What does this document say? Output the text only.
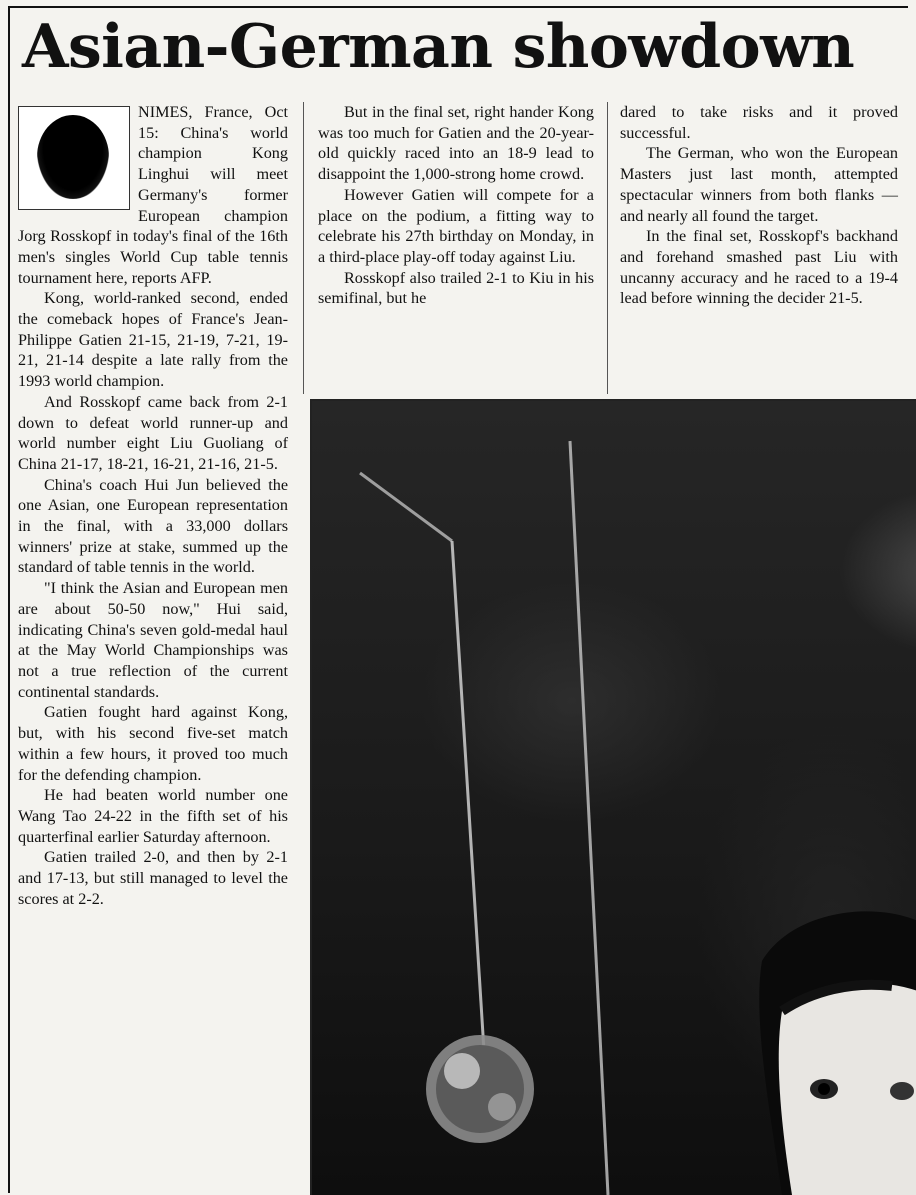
Asian-German showdown

NIMES, France, Oct 15: China's world champion Kong Linghui will meet Germany's former European champion Jorg Rosskopf in today's final of the 16th men's singles World Cup table tennis tournament here, reports AFP.

Kong, world-ranked second, ended the comeback hopes of France's Jean-Philippe Gatien 21-15, 21-19, 7-21, 19-21, 21-14 despite a late rally from the 1993 world champion.

And Rosskopf came back from 2-1 down to defeat world runner-up and world number eight Liu Guoliang of China 21-17, 18-21, 16-21, 21-16, 21-5.

China's coach Hui Jun believed the one Asian, one European representation in the final, with a 33,000 dollars winners' prize at stake, summed up the standard of table tennis in the world.

"I think the Asian and European men are about 50-50 now," Hui said, indicating China's seven gold-medal haul at the May World Championships was not a true reflection of the current continental standards.

Gatien fought hard against Kong, but, with his second five-set match within a few hours, it proved too much for the defending champion.

He had beaten world number one Wang Tao 24-22 in the fifth set of his quarterfinal earlier Saturday afternoon.

Gatien trailed 2-0, and then by 2-1 and 17-13, but still managed to level the scores at 2-2.

But in the final set, right hander Kong was too much for Gatien and the 20-year-old quickly raced into an 18-9 lead to disappoint the 1,000-strong home crowd.

However Gatien will compete for a place on the podium, a fitting way to celebrate his 27th birthday on Monday, in a third-place play-off today against Liu.

Rosskopf also trailed 2-1 to Kiu in his semifinal, but he

dared to take risks and it proved successful.

The German, who won the European Masters just last month, attempted spectacular winners from both flanks — and nearly all found the target.

In the final set, Rosskopf's backhand and forehand smashed past Liu with uncanny accuracy and he raced to a 19-4 lead before winning the decider 21-5.
